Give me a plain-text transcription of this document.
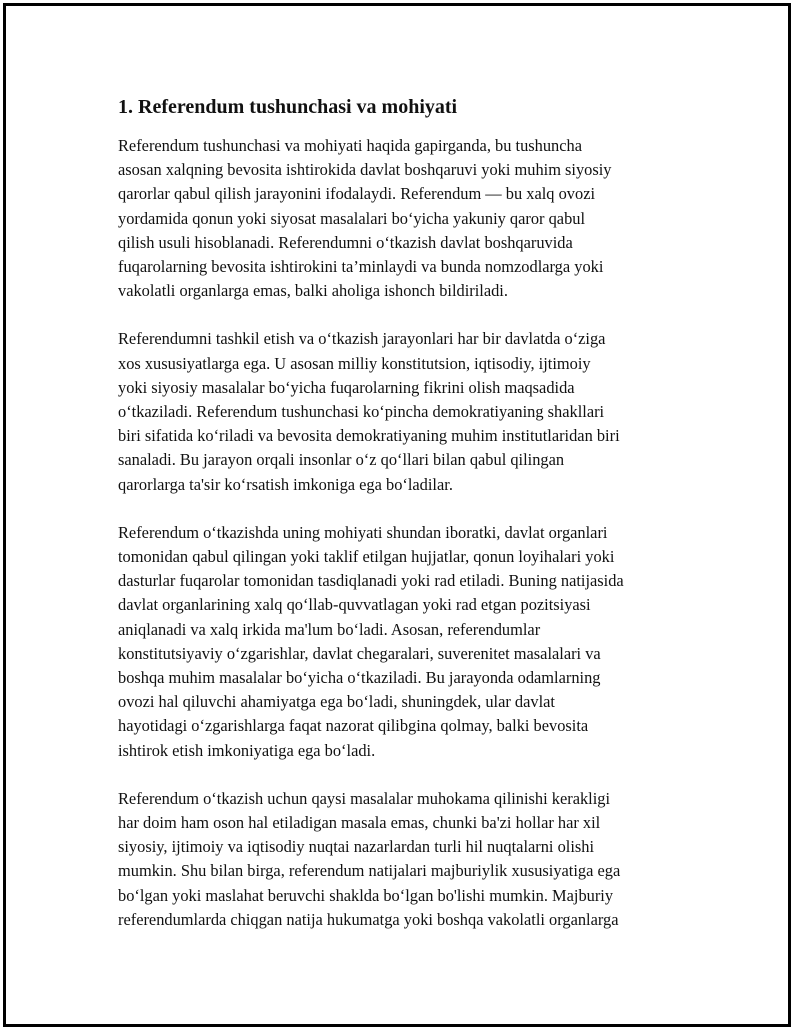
1. Referendum tushunchasi va mohiyati

Referendum tushunchasi va mohiyati haqida gapirganda, bu tushuncha
asosan xalqning bevosita ishtirokida davlat boshqaruvi yoki muhim siyosiy
qarorlar qabul qilish jarayonini ifodalaydi. Referendum — bu xalq ovozi
yordamida qonun yoki siyosat masalalari bo‘yicha yakuniy qaror qabul
qilish usuli hisoblanadi. Referendumni o‘tkazish davlat boshqaruvida
fuqarolarning bevosita ishtirokini ta’minlaydi va bunda nomzodlarga yoki
vakolatli organlarga emas, balki aholiga ishonch bildiriladi.

Referendumni tashkil etish va o‘tkazish jarayonlari har bir davlatda o‘ziga
xos xususiyatlarga ega. U asosan milliy konstitutsion, iqtisodiy, ijtimoiy
yoki siyosiy masalalar bo‘yicha fuqarolarning fikrini olish maqsadida
o‘tkaziladi. Referendum tushunchasi ko‘pincha demokratiyaning shakllari
biri sifatida ko‘riladi va bevosita demokratiyaning muhim institutlaridan biri
sanaladi. Bu jarayon orqali insonlar o‘z qo‘llari bilan qabul qilingan
qarorlarga ta'sir ko‘rsatish imkoniga ega bo‘ladilar.

Referendum o‘tkazishda uning mohiyati shundan iboratki, davlat organlari
tomonidan qabul qilingan yoki taklif etilgan hujjatlar, qonun loyihalari yoki
dasturlar fuqarolar tomonidan tasdiqlanadi yoki rad etiladi. Buning natijasida
davlat organlarining xalq qo‘llab-quvvatlagan yoki rad etgan pozitsiyasi
aniqlanadi va xalq irkida ma'lum bo‘ladi. Asosan, referendumlar
konstitutsiyaviy o‘zgarishlar, davlat chegaralari, suverenitet masalalari va
boshqa muhim masalalar bo‘yicha o‘tkaziladi. Bu jarayonda odamlarning
ovozi hal qiluvchi ahamiyatga ega bo‘ladi, shuningdek, ular davlat
hayotidagi o‘zgarishlarga faqat nazorat qilibgina qolmay, balki bevosita
ishtirok etish imkoniyatiga ega bo‘ladi.

Referendum o‘tkazish uchun qaysi masalalar muhokama qilinishi kerakligi
har doim ham oson hal etiladigan masala emas, chunki ba'zi hollar har xil
siyosiy, ijtimoiy va iqtisodiy nuqtai nazarlardan turli hil nuqtalarni olishi
mumkin. Shu bilan birga, referendum natijalari majburiylik xususiyatiga ega
bo‘lgan yoki maslahat beruvchi shaklda bo‘lgan bo'lishi mumkin. Majburiy
referendumlarda chiqgan natija hukumatga yoki boshqa vakolatli organlarga
